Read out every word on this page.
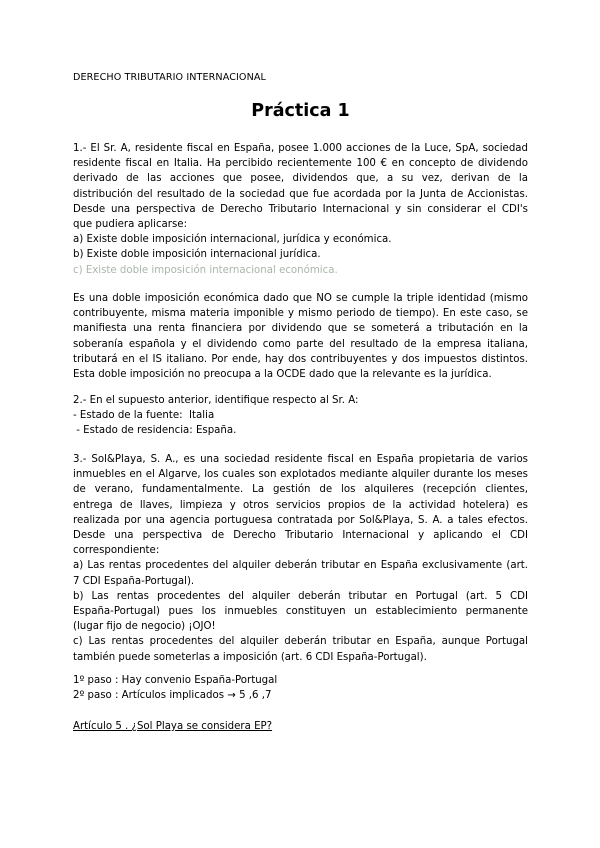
DERECHO TRIBUTARIO INTERNACIONAL
Práctica 1
1.- El Sr. A, residente fiscal en España, posee 1.000 acciones de la Luce, SpA, sociedad
residente fiscal en Italia. Ha percibido recientemente 100 € en concepto de dividendo
derivado de las acciones que posee, dividendos que, a su vez, derivan de la
distribución del resultado de la sociedad que fue acordada por la Junta de Accionistas.
Desde una perspectiva de Derecho Tributario Internacional y sin considerar el CDI's
que pudiera aplicarse:
a) Existe doble imposición internacional, jurídica y económica.
b) Existe doble imposición internacional jurídica.
c) Existe doble imposición internacional económica.
Es una doble imposición económica dado que NO se cumple la triple identidad (mismo
contribuyente, misma materia imponible y mismo periodo de tiempo). En este caso, se
manifiesta una renta financiera por dividendo que se someterá a tributación en la
soberanía española y el dividendo como parte del resultado de la empresa italiana,
tributará en el IS italiano. Por ende, hay dos contribuyentes y dos impuestos distintos.
Esta doble imposición no preocupa a la OCDE dado que la relevante es la jurídica.
2.- En el supuesto anterior, identifique respecto al Sr. A:
- Estado de la fuente:  Italia
- Estado de residencia: España.
3.- Sol&Playa, S. A., es una sociedad residente fiscal en España propietaria de varios
inmuebles en el Algarve, los cuales son explotados mediante alquiler durante los meses
de verano, fundamentalmente. La gestión de los alquileres (recepción clientes,
entrega de llaves, limpieza y otros servicios propios de la actividad hotelera) es
realizada por una agencia portuguesa contratada por Sol&Playa, S. A. a tales efectos.
Desde una perspectiva de Derecho Tributario Internacional y aplicando el CDI
correspondiente:
a) Las rentas procedentes del alquiler deberán tributar en España exclusivamente (art.
7 CDI España-Portugal).
b) Las rentas procedentes del alquiler deberán tributar en Portugal (art. 5 CDI
España-Portugal) pues los inmuebles constituyen un establecimiento permanente
(lugar fijo de negocio) ¡OJO!
c) Las rentas procedentes del alquiler deberán tributar en España, aunque Portugal
también puede someterlas a imposición (art. 6 CDI España-Portugal).
1º paso : Hay convenio España-Portugal
2º paso : Artículos implicados → 5 ,6 ,7
Artículo 5 . ¿Sol Playa se considera EP?
